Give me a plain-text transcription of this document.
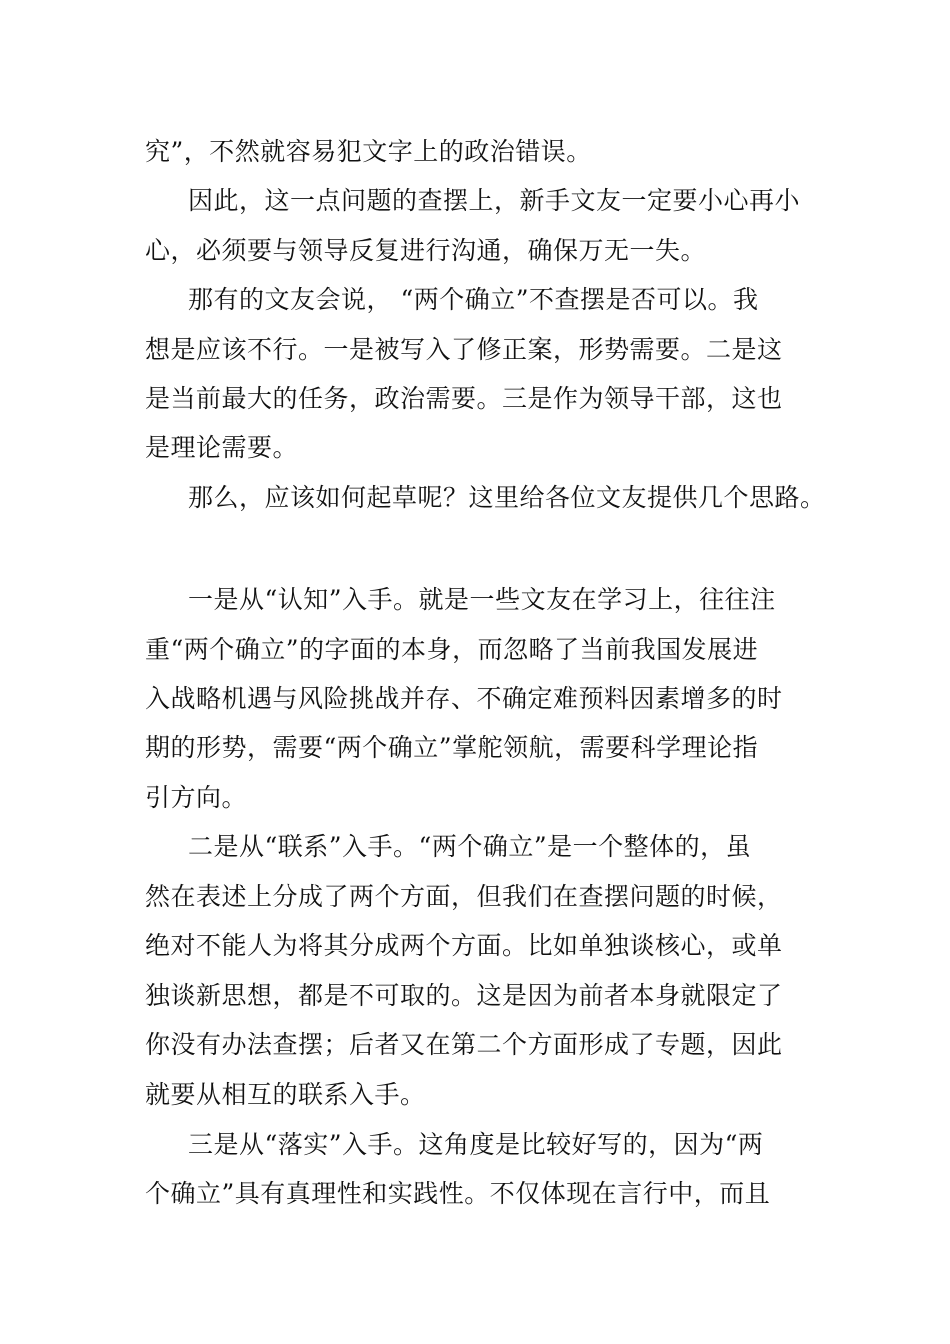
究”，不然就容易犯文字上的政治错误。

因此，这一点问题的查摆上，新手文友一定要小心再小

心，必须要与领导反复进行沟通，确保万无一失。

那有的文友会说， “两个确立”不查摆是否可以。我

想是应该不行。一是被写入了修正案，形势需要。二是这

是当前最大的任务，政治需要。三是作为领导干部，这也

是理论需要。

那么，应该如何起草呢？这里给各位文友提供几个思路。

一是从“认知”入手。就是一些文友在学习上，往往注

重“两个确立”的字面的本身，而忽略了当前我国发展进

入战略机遇与风险挑战并存、不确定难预料因素增多的时

期的形势，需要“两个确立”掌舵领航，需要科学理论指

引方向。

二是从“联系”入手。“两个确立”是一个整体的，虽

然在表述上分成了两个方面，但我们在查摆问题的时候，

绝对不能人为将其分成两个方面。比如单独谈核心，或单

独谈新思想，都是不可取的。这是因为前者本身就限定了

你没有办法查摆；后者又在第二个方面形成了专题，因此

就要从相互的联系入手。

三是从“落实”入手。这角度是比较好写的，因为“两

个确立”具有真理性和实践性。不仅体现在言行中，而且
